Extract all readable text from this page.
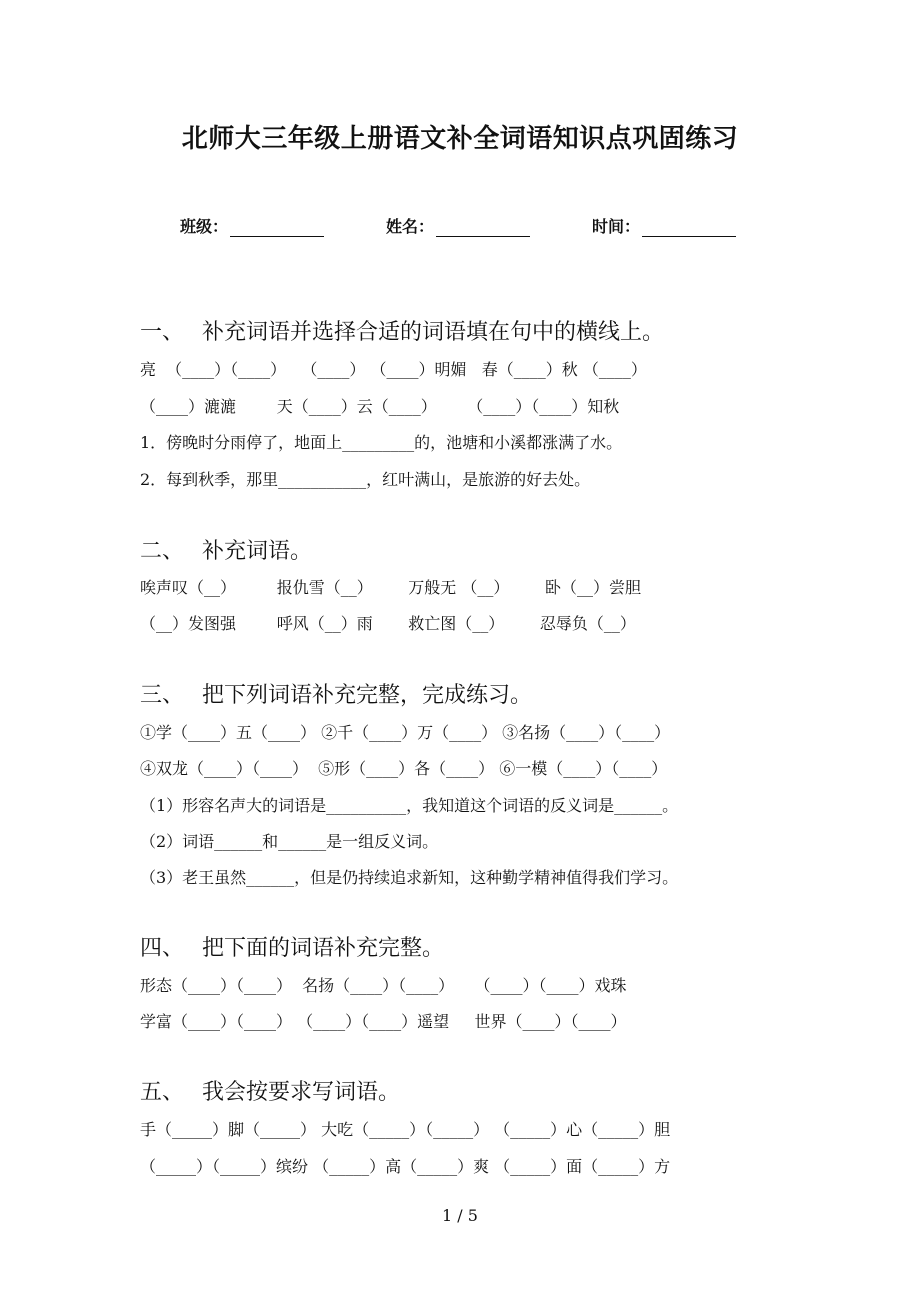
北师大三年级上册语文补全词语知识点巩固练习
班级：	姓名：	时间：
一、 补充词语并选择合适的词语填在句中的横线上。
亮  （____）（____）   （____） （____）明媚   春（____）秋 （____）
（____）漉漉        天（____）云（____）      （____）（____）知秋
1．傍晚时分雨停了，地面上_________的，池塘和小溪都涨满了水。
2．每到秋季，那里___________，红叶满山，是旅游的好去处。
二、 补充词语。
唉声叹（__）        报仇雪（__）       万般无 （__）       卧（__）尝胆
（__）发图强        呼风（__）雨       救亡图（__）       忍辱负（__）
三、 把下列词语补充完整，完成练习。
①学（____）五（____） ②千（____）万（____） ③名扬（____）（____）
④双龙（____）（____）  ⑤形（____）各（____） ⑥一模（____）（____）
（1）形容名声大的词语是__________，我知道这个词语的反义词是______。
（2）词语______和______是一组反义词。
（3）老王虽然______，但是仍持续追求新知，这种勤学精神值得我们学习。
四、 把下面的词语补充完整。
形态（____）（____）  名扬（____）（____）    （____）（____）戏珠
学富（____）（____） （____）（____）遥望     世界（____）（____）
五、 我会按要求写词语。
手（_____）脚（_____） 大吃（_____）（_____） （_____）心（_____）胆
（_____）（_____）缤纷 （_____）高（_____）爽 （_____）面（_____）方
1 / 5
